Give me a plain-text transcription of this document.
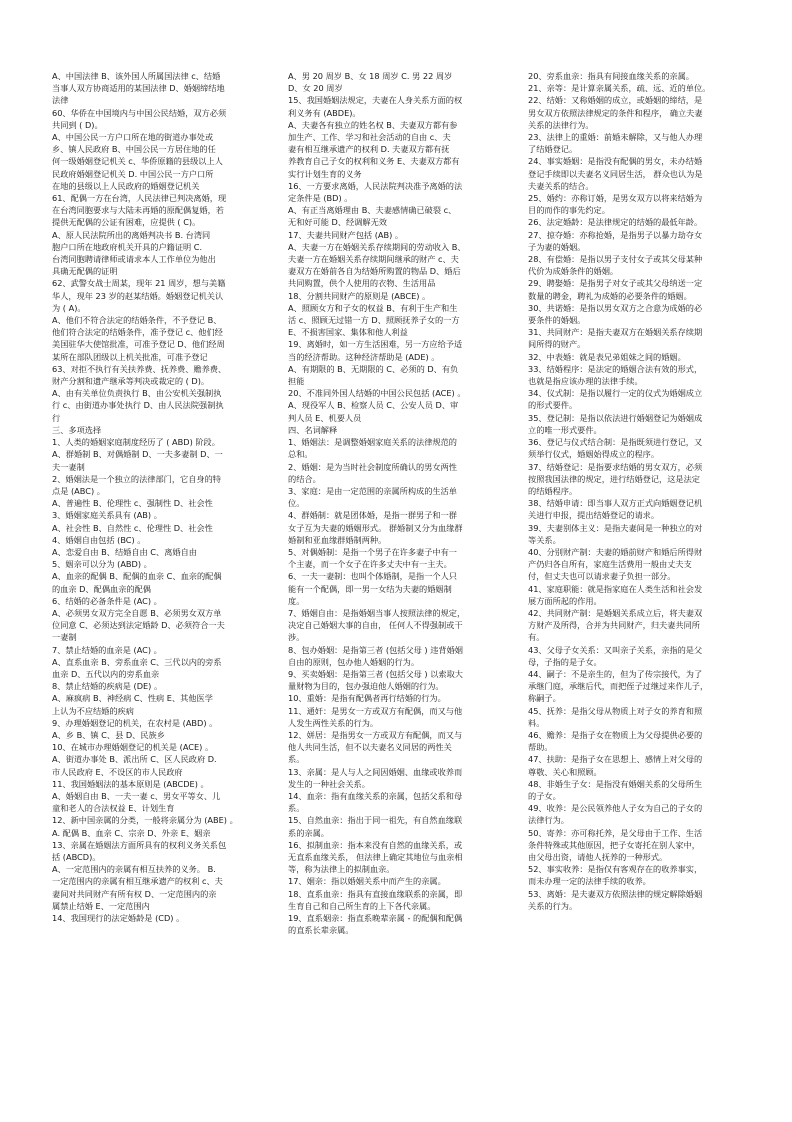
A、中国法律 B、该外国人所属国法律 c、结婚

当事人双方协商适用的某国法律 D、婚姻缔结地

法律

60、华侨在中国境内与中国公民结婚，双方必须

共同到 ( D)。

A、中国公民一方户口所在地的街道办事处或

乡、镇人民政府 B、中国公民一方居住地的任

何一级婚姻登记机关 c、华侨原籍的县级以上人

民政府婚姻登记机关 D. 中国公民一方户口所

在地的县级以上人民政府的婚姻登记机关

61、配偶一方在台湾，人民法律已判决离婚，现

在台湾同胞要求与大陆未再婚的原配偶复婚，若

提供无配偶的公证有困难，应提供 ( C)。

A、原人民法院所出的离婚判决书 B. 台湾同

胞户口所在地政府机关开具的户籍证明 C.

台湾同胞聘请律师或请求本人工作单位为他出

具确无配偶的证明

62、武警女战士周某，现年 21 周岁，想与美籍

华人，现年 23 岁的赵某结婚。婚姻登记机关认

为 ( A)。

A、他们不符合法定的结婚条件，不予登记 B、

他们符合法定的结婚条件，准予登记 c、他们经

美国驻华大使馆批准，可准予登记 D、他们经周

某所在部队团级以上机关批准，可准予登记

63、对拒不执行有关扶养费、抚养费、赡养费、

财产分割和遗产继承等判决或裁定的 ( D)。

A、由有关单位负责执行 B、由公安机关强制执

行 c、由街道办事处执行 D、由人民法院强制执

行

三、多项选择

1、人类的婚姻家庭制度经历了 ( ABD) 阶段。

A、群婚制 B、对偶婚制 D、一夫多妻制 D、一

夫一妻制

2、婚姻法是一个独立的法律部门，它自身的特

点是 (ABC) 。

A、普遍性 B、伦理性 c、强制性 D、社会性

3、婚姻家庭关系具有 (AB) 。

A、社会性 B、自然性 c、伦理性 D、社会性

4、婚姻自由包括 (BC) 。

A、恋爱自由 B、结婚自由 C、离婚自由

5、姻亲可以分为 (ABD) 。

A、血亲的配偶 B、配偶的血亲 C、血亲的配偶

的血亲 D、配偶血亲的配偶

6、结婚的必备条件是 (AC) 。

A、必须男女双方完全自愿 B、必须男女双方单

位同意 C、必须达到法定婚龄 D、必须符合一夫

一妻制

7、禁止结婚的血亲是 (AC) 。

A、直系血亲 B、旁系血亲 C、三代以内的旁系

血亲 D、五代以内的旁系血亲

8、禁止结婚的疾病是 (DE) 。

A、麻疯病 B、神经病 C、性病 E、其他医学

上认为不应结婚的疾病

9、办理婚姻登记的机关，在农村是 (ABD) 。

A、乡 B、镇 C、县 D、民族乡

10、在城市办理婚姻登记的机关是 (ACE) 。

A、街道办事处 B、派出所 C、区人民政府 D.

市人民政府 E、不设区的市人民政府

11、我国婚姻法的基本原则是 (ABCDE) 。

A、婚姻自由 B、一夫一妻 c、男女平等女、儿

童和老人的合法权益 E、计划生育

12、新中国亲属的分类，一般将亲属分为 (ABE) 。

A. 配偶 B、血亲 C、宗亲 D、外亲 E、姻亲

13、亲属在婚姻法方面所具有的权利义务关系包

括 (ABCD)。

A、一定范围内的亲属有相互扶养的义务。 B.

一定范围内的亲属有相互继承遗产的权利 c、夫

妻间对共同财产有所有权 D、一定范围内的亲

属禁止结婚 E、一定范围内

14、我国现行的法定婚龄是 (CD) 。

A、男 20 周岁 B、女 18 周岁 C. 男 22 周岁

D、女 20 周岁

15、我国婚姻法规定，夫妻在人身关系方面的权

利义务有 (ABDE)。

A、夫妻各有独立的姓名权 B、夫妻双方都有参

加生产、工作、学习和社会活动的自由 c、夫

妻有相互继承遗产的权利 D. 夫妻双方都有抚

养教育自己子女的权利和义务 E、夫妻双方都有

实行计划生育的义务

16、一方要求离婚，人民法院判决准予离婚的法

定条件是 (BD) 。

A、有正当离婚理由 B、夫妻感情确已破裂 c、

无和好可能 D、经调解无效

17、夫妻共同财产包括 (AB) 。

A、夫妻一方在婚姻关系存续期间的劳动收入 B、

夫妻一方在婚姻关系存续期间继承的财产 c、夫

妻双方在婚前各自为结婚所购置的物品 D、婚后

共同购置，供个人使用的衣物、生活用品

18、分割共同财产的原则是 (ABCE) 。

A、照顾女方和子女的权益 B、有利于生产和生

活 c、照顾无过错一方 D、照顾抚养子女的一方

E、不损害国家、集体和他人利益

19、离婚时，如一方生活困难，另一方应给予适

当的经济帮助。这种经济帮助是 (ADE) 。

A、有期限的 B、无期限的 C、必须的 D、有负

担能

20、不准同外国人结婚的中国公民包括 (ACE) 。

A、现役军人 B、检察人员 C、公安人员 D、审

判人员 E、机要人员

四、名词解释

1、婚姻法：是调整婚姻家庭关系的法律规范的

总和。

2、婚姻：是为当时社会制度所确认的男女两性

的结合。

3、家庭：是由一定范围的亲属所构成的生活单

位。

4、群婚制：就是团体婚，是指一群男子和一群

女子互为夫妻的婚姻形式。 群婚制又分为血缘群

婚制和亚血缘群婚制两种。

5、对偶婚制：是指一个男子在许多妻子中有一

个主妻，而一个女子在许多丈夫中有一主夫。

6、一夫一妻制：也叫个体婚制，是指一个人只

能有一个配偶，即一男一女结为夫妻的婚姻制

度。

7、婚姻自由：是指婚姻当事人按照法律的规定，

决定自己婚姻大事的自由， 任何人不得强制或干

涉。

8、包办婚姻：是指第三者 (包括父母 ) 违背婚姻

自由的原则，包办他人婚姻的行为。

9、买卖婚姻：是指第三者 (包括父母 ) 以索取大

量财物为目的，包办强迫他人婚姻的行为。

10、重婚：是指有配偶者再行结婚的行为。

11、通奸：是男女一方或双方有配偶，而又与他

人发生两性关系的行为。

12、姘居：是指男女一方或双方有配偶，而又与

他人共同生活，但不以夫妻名义同居的两性关

系。

13、亲属：是人与人之间因婚姻、血缘或收养而

发生的一种社会关系。

14、血亲：指有血缘关系的亲属，包括父系和母

系。

15、自然血亲：指出于同一祖先，有自然血缘联

系的亲属。

16、拟制血亲：指本来没有自然的血缘关系，或

无直系血缘关系， 但法律上确定其地位与血亲相

等，称为法律上的拟制血亲。

17、姻亲：指以婚姻关系中而产生的亲属。

18、直系血亲：指具有直接血缘联系的亲属，即

生育自己和自己所生育的上下各代亲属。

19、直系姻亲：指直系晚辈亲属 - 的配偶和配偶

的直系长辈亲属。

20、旁系血亲：指具有间接血缘关系的亲属。

21、亲等：是计算亲属关系，疏、远、近的单位。

22、结婚：又称婚姻的成立，或婚姻的缔结，是

男女双方依照法律规定的条件和程序， 确立夫妻

关系的法律行为。

23、法律上的重婚：前婚未解除，又与他人办理

了结婚登记。

24、事实婚姻：是指没有配偶的男女，未办结婚

登记手续即以夫妻名义同居生活， 群众也认为是

夫妻关系的结合。

25、婚约：亦称订婚，是男女双方以将来结婚为

目的而作的事先约定。

26、法定婚龄：是法律规定的结婚的最低年龄。

27、掠夺婚：亦称抢婚，是指男子以暴力劫夺女

子为妻的婚姻。

28、有偿婚：是指以男子支付女子或其父母某种

代价为成婚条件的婚姻。

29、聘娶婚：是指男子对女子或其父母纳送一定

数量的聘金，聘礼为成婚的必要条件的婚姻。

30、共诺婚：是指以男女双方之合意为成婚的必

要条件的婚姻。

31、共同财产：是指夫妻双方在婚姻关系存续期

间所得的财产。

32、中表婚：就是表兄弟姐妹之间的婚姻。

33、结婚程序：是法定的婚姻合法有效的形式，

也就是指应该办理的法律手续。

34、仪式制：是指以履行一定的仪式为婚姻成立

的形式要件。

35、登记制：是指以依法进行婚姻登记为婚姻成

立的唯一形式要件。

36、登记与仪式结合制：是指既须进行登记，又

须举行仪式，婚姻始得成立的程序。

37、结婚登记：是指要求结婚的男女双方，必须

按照我国法律的规定，进行结婚登记，这是法定

的结婚程序。

38、结婚申请：即当事人双方正式向婚姻登记机

关进行申报，提出结婚登记的请求。

39、夫妻别体主义：是指夫妻间是一种独立的对

等关系。

40、分别财产制：夫妻的婚前财产和婚后所得财

产仍归各自所有，家庭生活费用一般由丈夫支

付，但丈夫也可以请求妻子负担一部分。

41、家庭职能：就是指家庭在人类生活和社会发

展方面所起的作用。

42、共同财产制：是婚姻关系成立后，将夫妻双

方财产及所得，合并为共同财产，归夫妻共同所

有。

43、父母子女关系：又叫亲子关系，亲指的是父

母，子指的是子女。

44、嗣子：不是亲生的，但为了传宗接代，为了

承继门庭，承继后代，而把侄子过继过来作儿子，

称嗣子。

45、抚养：是指父母从物质上对子女的养育和照

料。

46、赡养：是指子女在物质上为父母提供必要的

帮助。

47、扶助：是指子女在思想上、感情上对父母的

尊敬、关心和照顾。

48、非婚生子女：是指没有婚姻关系的父母所生

的子女。

49、收养：是公民领养他人子女为自己的子女的

法律行为。

50、寄养：亦可称托养，是父母由于工作、生活

条件特殊或其他原因，把子女寄托在别人家中，

由父母出资，请他人抚养的一种形式。

52、事实收养：是指仅有客观存在的收养事实，

而未办理一定的法律手续的收养。

53、离婚：是夫妻双方依照法律的规定解除婚姻

关系的行为。
